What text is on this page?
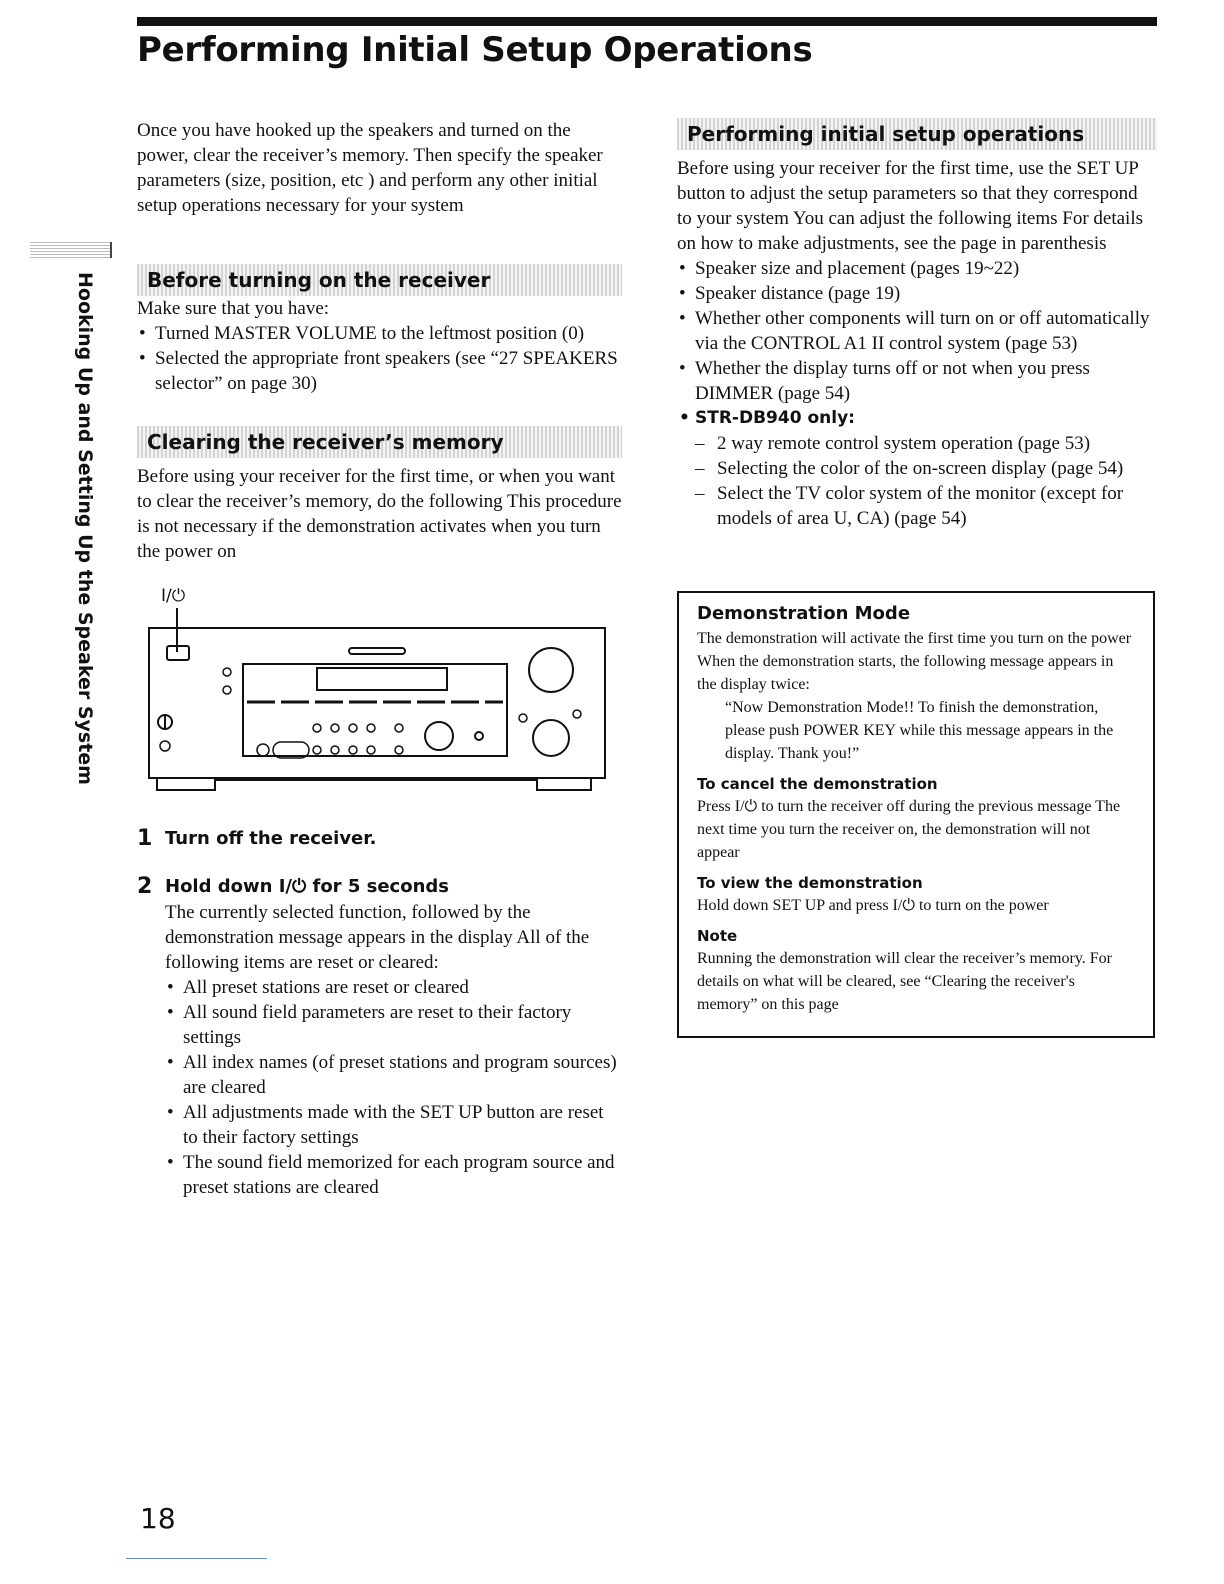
Performing Initial Setup Operations
Hooking Up and Setting Up the Speaker System

Once you have hooked up the speakers and turned on the power, clear the receiver’s memory. Then specify the speaker parameters (size, position, etc ) and perform any other initial setup operations necessary for your system

Before turning on the receiver

Make sure that you have:

• Turned MASTER VOLUME to the leftmost position (0)
• Selected the appropriate front speakers (see “27 SPEAKERS selector” on page 30)
Clearing the receiver’s memory

Before using your receiver for the first time, or when you want to clear the receiver’s memory, do the following This procedure is not necessary if the demonstration activates when you turn the power on

I/⏻
1 Turn off the receiver.
2 Hold down I/⏻ for 5 seconds

The currently selected function, followed by the demonstration message appears in the display All of the following items are reset or cleared:

• All preset stations are reset or cleared
• All sound field parameters are reset to their factory settings
• All index names (of preset stations and program sources) are cleared
• All adjustments made with the SET UP button are reset to their factory settings
• The sound field memorized for each program source and preset stations are cleared
Performing initial setup operations

Before using your receiver for the first time, use the SET UP button to adjust the setup parameters so that they correspond to your system You can adjust the following items For details on how to make adjustments, see the page in parenthesis

• Speaker size and placement (pages 19~22)
• Speaker distance (page 19)
• Whether other components will turn on or off automatically via the CONTROL A1 II control system (page 53)
• Whether the display turns off or not when you press DIMMER (page 54)
• STR-DB940 only:
– 2 way remote control system operation (page 53)
– Selecting the color of the on-screen display (page 54)
– Select the TV color system of the monitor (except for models of area U, CA) (page 54)
Demonstration Mode

The demonstration will activate the first time you turn on the power When the demonstration starts, the following message appears in the display twice:

“Now Demonstration Mode!! To finish the demonstration, please push POWER KEY while this message appears in the display. Thank you!”

To cancel the demonstration

Press I/⏻ to turn the receiver off during the previous message The next time you turn the receiver on, the demonstration will not appear

To view the demonstration

Hold down SET UP and press I/⏻ to turn on the power

Note

Running the demonstration will clear the receiver’s memory. For details on what will be cleared, see “Clearing the receiver's memory” on this page

18
